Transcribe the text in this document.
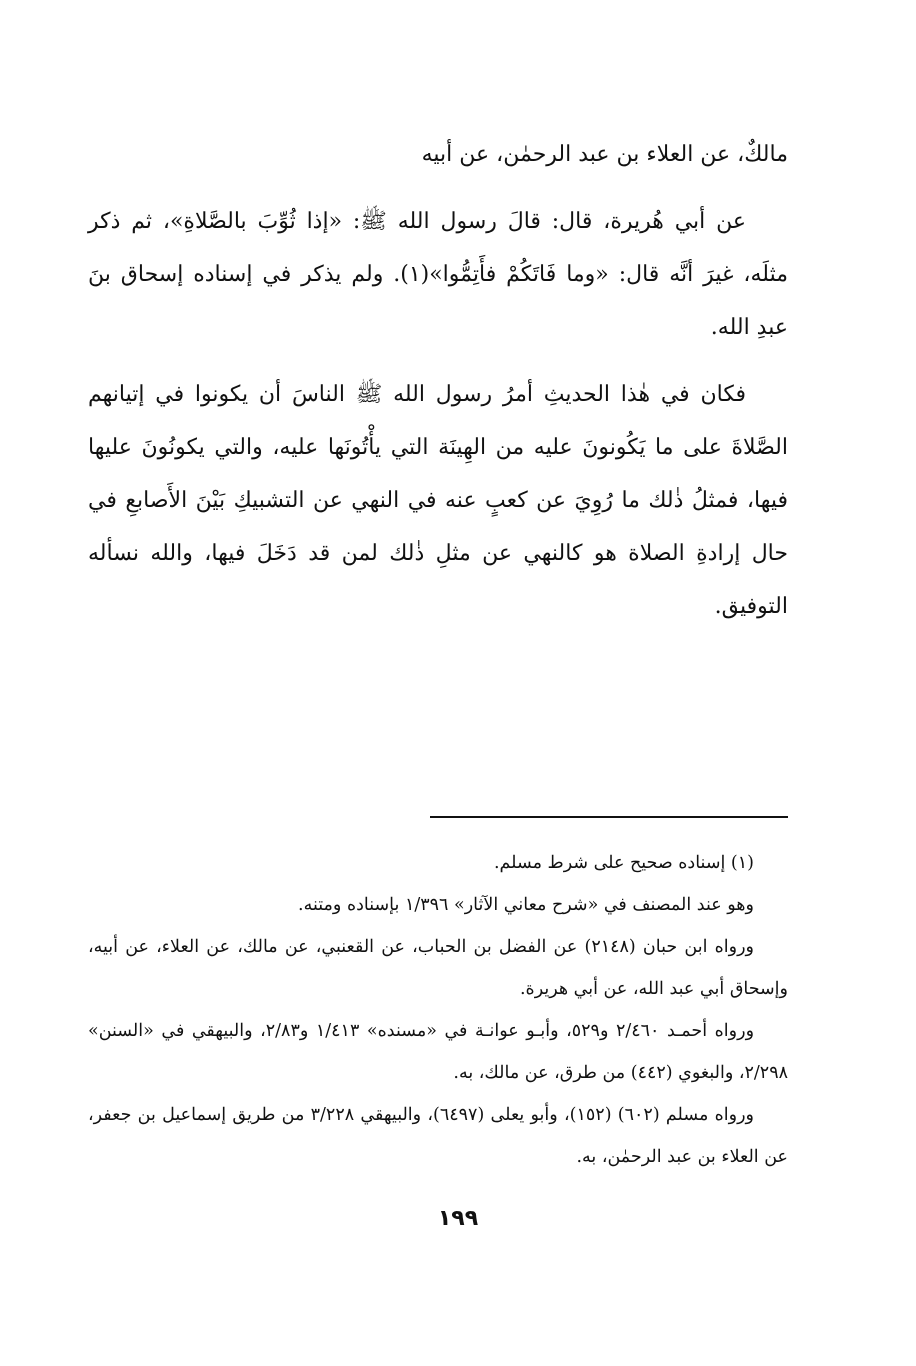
مالكٌ، عن العلاء بن عبد الرحمٰن، عن أبيه

عن أبي هُريرة، قال: قالَ رسول الله ﷺ: «إذا ثُوِّبَ بالصَّلاةِ»، ثم ذكر مثلَه، غيرَ أنَّه قال: «وما فَاتَكُمْ فأَتِمُّوا»(١). ولم يذكر في إسناده إسحاق بنَ عبدِ الله.

فكان في هٰذا الحديثِ أمرُ رسول الله ﷺ الناسَ أن يكونوا في إتيانهم الصَّلاةَ على ما يَكُونونَ عليه من الهِينَة التي يأْتُونَها عليه، والتي يكونُونَ عليها فيها، فمثلُ ذٰلك ما رُوِيَ عن كعبٍ عنه في النهي عن التشبيكِ بَيْنَ الأَصابعِ في حال إرادةِ الصلاة هو كالنهي عن مثلِ ذٰلك لمن قد دَخَلَ فيها، والله نسأله التوفيق.

(١) إسناده صحيح على شرط مسلم.

وهو عند المصنف في «شرح معاني الآثار» ١/٣٩٦ بإسناده ومتنه.

ورواه ابن حبان (٢١٤٨) عن الفضل بن الحباب، عن القعنبي، عن مالك، عن العلاء، عن أبيه، وإسحاق أبي عبد الله، عن أبي هريرة.

ورواه أحمـد ٢/٤٦٠ و٥٢٩، وأبـو عوانـة في «مسنده» ١/٤١٣ و٢/٨٣، والبيهقي في «السنن» ٢/٢٩٨، والبغوي (٤٤٢) من طرق، عن مالك، به.

ورواه مسلم (٦٠٢) (١٥٢)، وأبو يعلى (٦٤٩٧)، والبيهقي ٣/٢٢٨ من طريق إسماعيل بن جعفر، عن العلاء بن عبد الرحمٰن، به.

١٩٩
